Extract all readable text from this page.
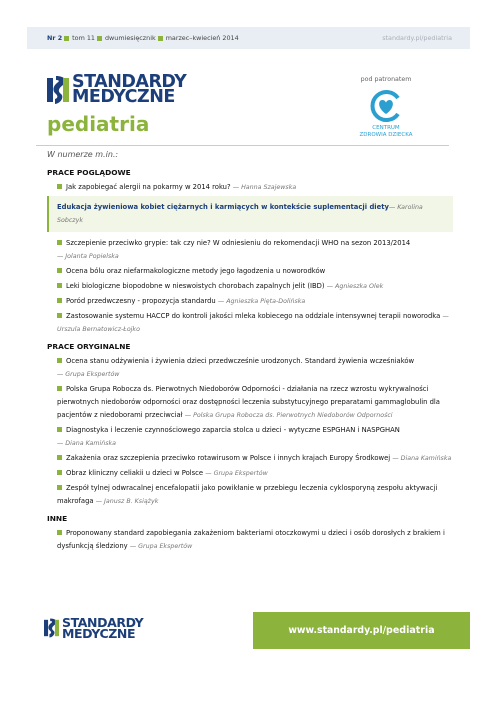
Nr 2 tom 11 dwumiesięcznik marzec–kwiecień 2014	standardy.pl/pediatria
STANDARDY
MEDYCZNE
pediatria
pod patronatem
CENTRUM
ZDROWIA DZIECKA
W numerze m.in.:
PRACE POGLĄDOWE
Jak zapobiegać alergii na pokarmy w 2014 roku? — Hanna Szajewska
Edukacja żywieniowa kobiet ciężarnych i karmiących w kontekście suplementacji diety— Karolina Sobczyk
Szczepienie przeciwko grypie: tak czy nie? W odniesieniu do rekomendacji WHO na sezon 2013/2014
— Jolanta Popielska
Ocena bólu oraz niefarmakologiczne metody jego łagodzenia u noworodków
Leki biologiczne biopodobne w nieswoistych chorobach zapalnych jelit (IBD) — Agnieszka Olek
Poród przedwczesny - propozycja standardu — Agnieszka Pięta-Dolińska
Zastosowanie systemu HACCP do kontroli jakości mleka kobiecego na oddziale intensywnej terapii noworodka — Urszula Bernatowicz-Łojko
PRACE ORYGINALNE
Ocena stanu odżywienia i żywienia dzieci przedwcześnie urodzonych. Standard żywienia wcześniaków
— Grupa Ekspertów
Polska Grupa Robocza ds. Pierwotnych Niedoborów Odporności - działania na rzecz wzrostu wykrywalności pierwotnych niedoborów odporności oraz dostępności leczenia substytucyjnego preparatami gammaglobulin dla pacjentów z niedoborami przeciwciał — Polska Grupa Robocza ds. Pierwotnych Niedoborów Odporności
Diagnostyka i leczenie czynnościowego zaparcia stolca u dzieci - wytyczne ESPGHAN i NASPGHAN
— Diana Kamińska
Zakażenia oraz szczepienia przeciwko rotawirusom w Polsce i innych krajach Europy Środkowej — Diana Kamińska
Obraz kliniczny celiakii u dzieci w Polsce — Grupa Ekspertów
Zespół tylnej odwracalnej encefalopatii jako powikłanie w przebiegu leczenia cyklosporyną zespołu aktywacji makrofaga — Janusz B. Książyk
INNE
Proponowany standard zapobiegania zakażeniom bakteriami otoczkowymi u dzieci i osób dorosłych z brakiem i dysfunkcją śledziony — Grupa Ekspertów
STANDARDY
MEDYCZNE	www.standardy.pl/ pediatria
